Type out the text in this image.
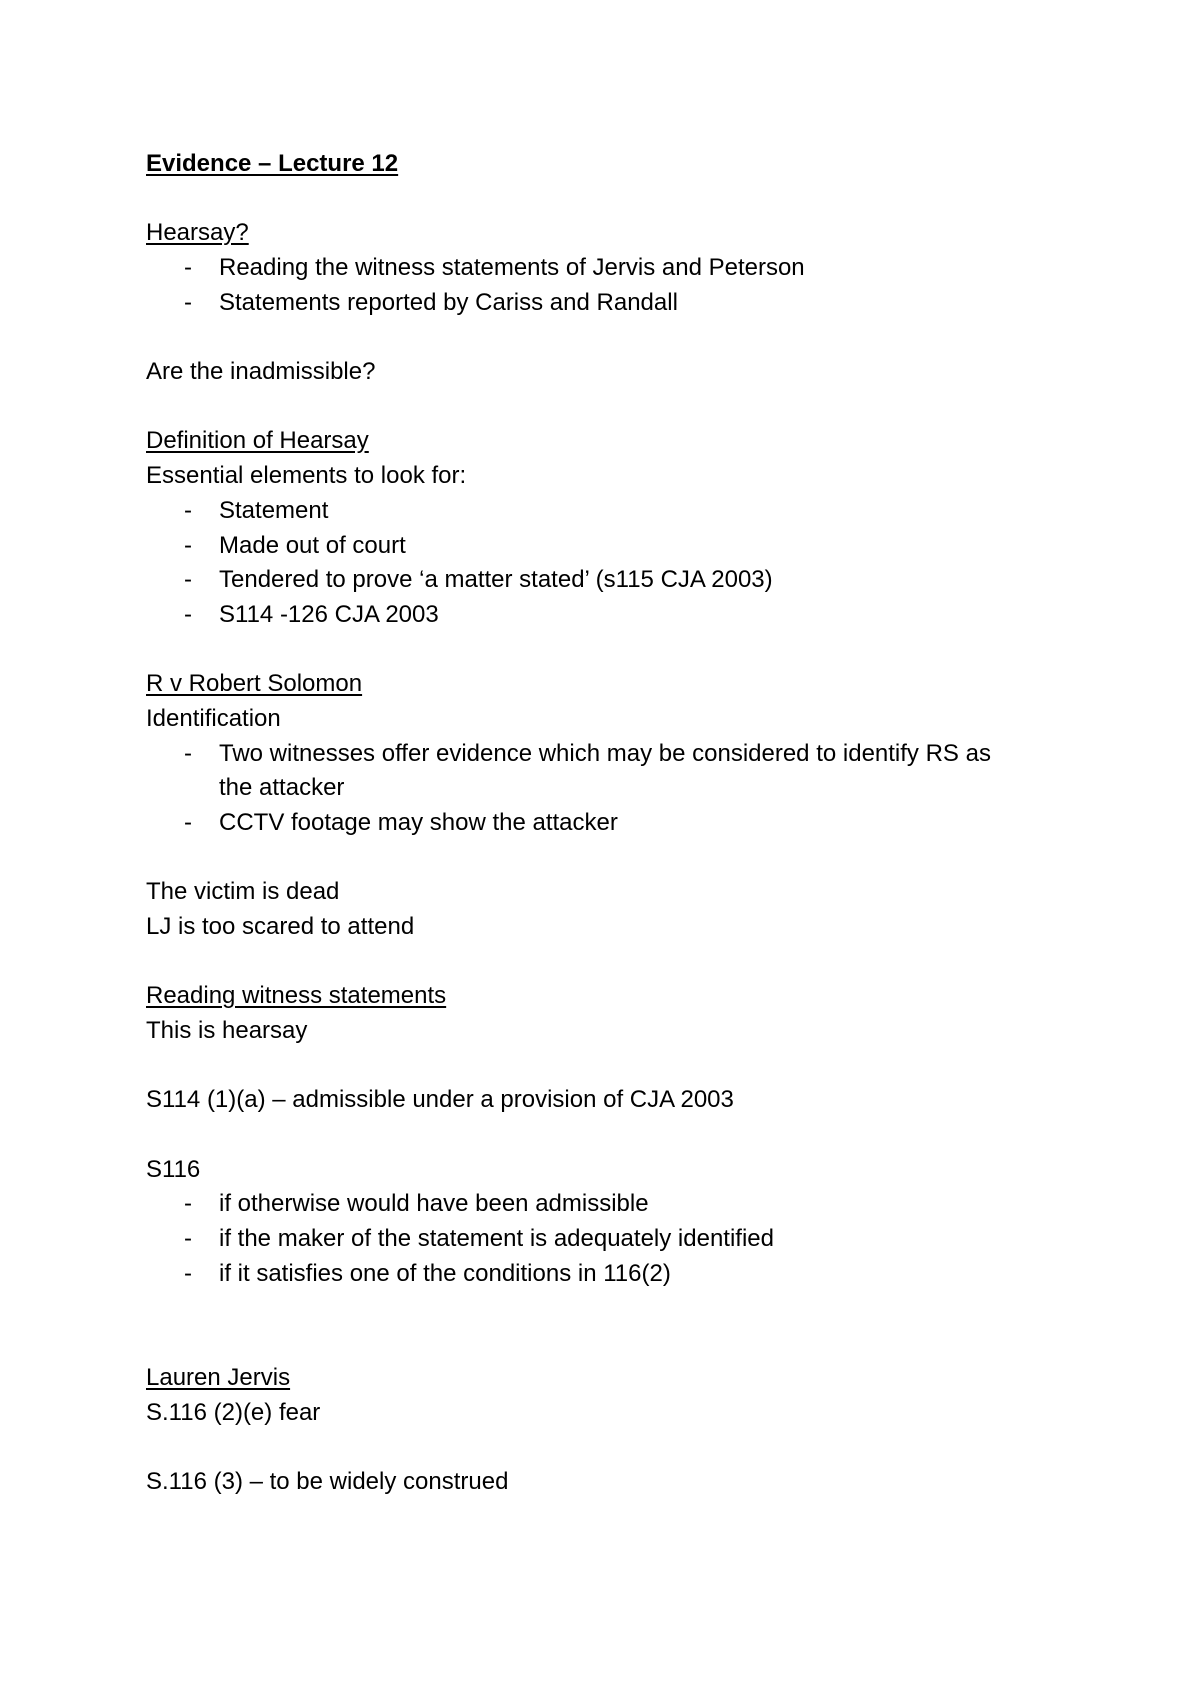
Evidence – Lecture 12
Hearsay?
- Reading the witness statements of Jervis and Peterson
- Statements reported by Cariss and Randall
Are the inadmissible?
Definition of Hearsay
Essential elements to look for:
- Statement
- Made out of court
- Tendered to prove ‘a matter stated’ (s115 CJA 2003)
- S114 -126 CJA 2003
R v Robert Solomon
Identification
- Two witnesses offer evidence which may be considered to identify RS as
the attacker
- CCTV footage may show the attacker
The victim is dead
LJ is too scared to attend
Reading witness statements
This is hearsay
S114 (1)(a) – admissible under a provision of CJA 2003
S116
- if otherwise would have been admissible
- if the maker of the statement is adequately identified
- if it satisfies one of the conditions in 116(2)
Lauren Jervis
S.116 (2)(e) fear
S.116 (3) – to be widely construed
